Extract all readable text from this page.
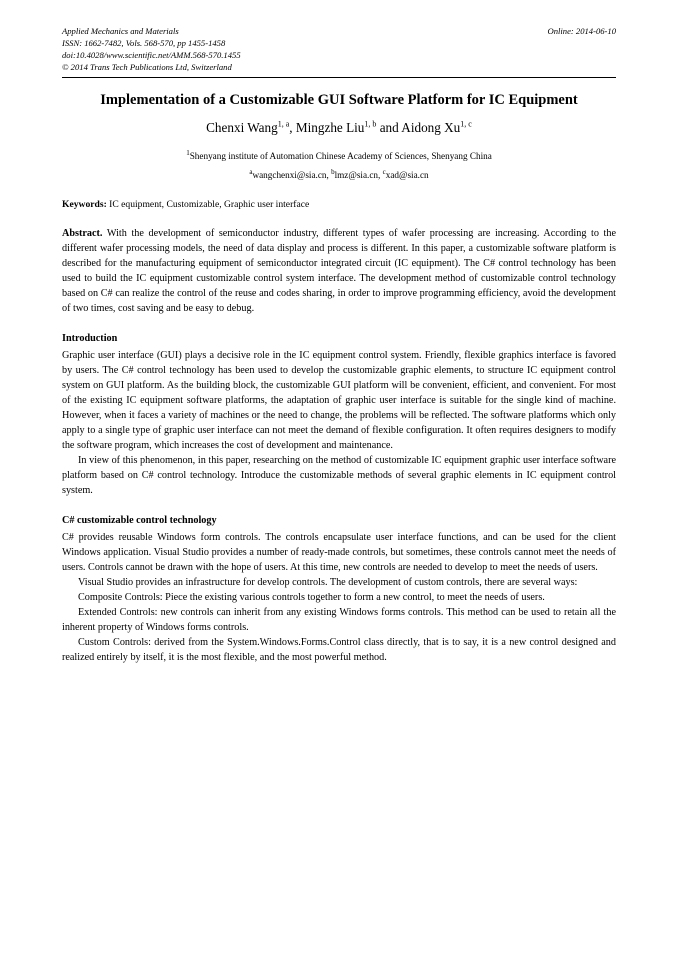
Applied Mechanics and Materials
ISSN: 1662-7482, Vols. 568-570, pp 1455-1458
doi:10.4028/www.scientific.net/AMM.568-570.1455
© 2014 Trans Tech Publications Ltd, Switzerland
Online: 2014-06-10
Implementation of a Customizable GUI Software Platform for IC Equipment
Chenxi Wang$^{1, a}$, Mingzhe Liu$^{1, b}$ and Aidong Xu$^{1, c}$
$^1$Shenyang institute of Automation Chinese Academy of Sciences, Shenyang China
$^a$wangchenxi@sia.cn, $^b$lmz@sia.cn, $^c$xad@sia.cn
Keywords: IC equipment, Customizable, Graphic user interface
Abstract. With the development of semiconductor industry, different types of wafer processing are increasing. According to the different wafer processing models, the need of data display and process is different. In this paper, a customizable software platform is described for the manufacturing equipment of semiconductor integrated circuit (IC equipment). The C# control technology has been used to build the IC equipment customizable control system interface. The development method of customizable control technology based on C# can realize the control of the reuse and codes sharing, in order to improve programming efficiency, avoid the development of two times, cost saving and be easy to debug.
Introduction

Graphic user interface (GUI) plays a decisive role in the IC equipment control system. Friendly, flexible graphics interface is favored by users. The C# control technology has been used to develop the customizable graphic elements, to structure IC equipment control system on GUI platform. As the building block, the customizable GUI platform will be convenient, efficient, and convenient. For most of the existing IC equipment software platforms, the adaptation of graphic user interface is suitable for the single kind of machine. However, when it faces a variety of machines or the need to change, the problems will be reflected. The software platforms which only apply to a single type of graphic user interface can not meet the demand of flexible configuration. It often requires designers to modify the software program, which increases the cost of development and maintenance.

In view of this phenomenon, in this paper, researching on the method of customizable IC equipment graphic user interface software platform based on C# control technology. Introduce the customizable methods of several graphic elements in IC equipment control system.

C# customizable control technology

C# provides reusable Windows form controls. The controls encapsulate user interface functions, and can be used for the client Windows application. Visual Studio provides a number of ready-made controls, but sometimes, these controls cannot meet the needs of users. Controls cannot be drawn with the hope of users. At this time, new controls are needed to develop to meet the needs of users.

Visual Studio provides an infrastructure for develop controls. The development of custom controls, there are several ways:

Composite Controls: Piece the existing various controls together to form a new control, to meet the needs of users.

Extended Controls: new controls can inherit from any existing Windows forms controls. This method can be used to retain all the inherent property of Windows forms controls.

Custom Controls: derived from the System.Windows.Forms.Control class directly, that is to say, it is a new control designed and realized entirely by itself, it is the most flexible, and the most powerful method.
